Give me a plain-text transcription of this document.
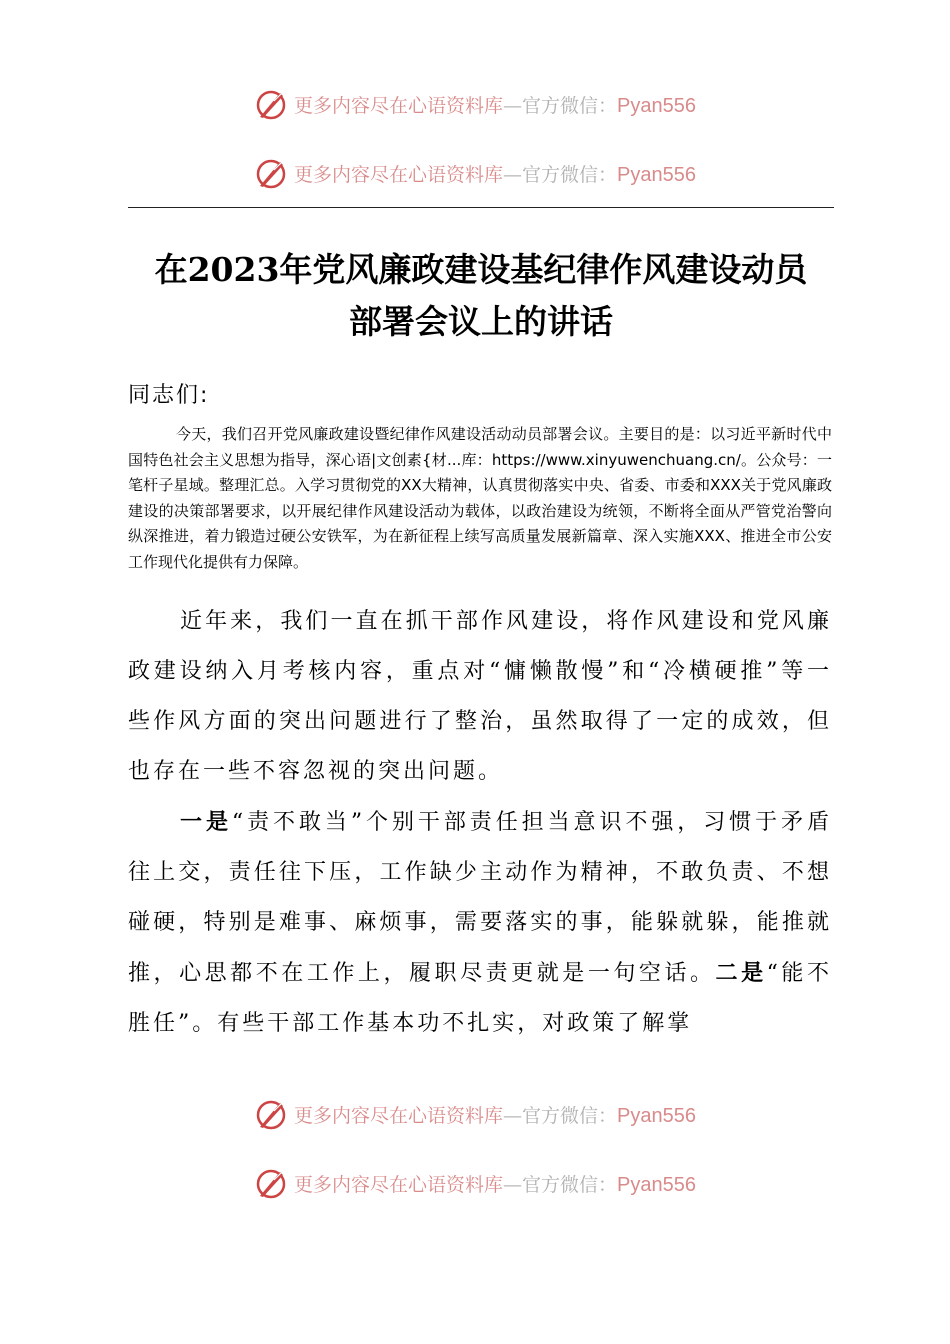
更多内容尽在心语资料库—官方微信：Pyan556
更多内容尽在心语资料库—官方微信：Pyan556
在2023年党风廉政建设基纪律作风建设动员
部署会议上的讲话

同志们:

今天，我们召开党风廉政建设暨纪律作风建设活动动员部署会议。主要目的是：以习近平新时代中国特色社会主义思想为指导，深心语|文创素{材...库：https://www.xinyuwenchuang.cn/。公众号：一笔杆子星域。整理汇总。入学习贯彻党的XX大精神，认真贯彻落实中央、省委、市委和XXX关于党风廉政建设的决策部署要求，以开展纪律作风建设活动为载体，以政治建设为统领，不断将全面从严管党治警向纵深推进，着力锻造过硬公安铁军，为在新征程上续写高质量发展新篇章、深入实施XXX、推进全市公安工作现代化提供有力保障。

近年来，我们一直在抓干部作风建设，将作风建设和党风廉政建设纳入月考核内容，重点对“慵懒散慢”和“冷横硬推”等一些作风方面的突出问题进行了整治，虽然取得了一定的成效，但也存在一些不容忽视的突出问题。

一是“责不敢当”个别干部责任担当意识不强，习惯于矛盾往上交，责任往下压，工作缺少主动作为精神，不敢负责、不想碰硬，特别是难事、麻烦事，需要落实的事，能躲就躲，能推就推，心思都不在工作上，履职尽责更就是一句空话。二是“能不胜任”。有些干部工作基本功不扎实，对政策了解掌

更多内容尽在心语资料库—官方微信：Pyan556
更多内容尽在心语资料库—官方微信：Pyan556
